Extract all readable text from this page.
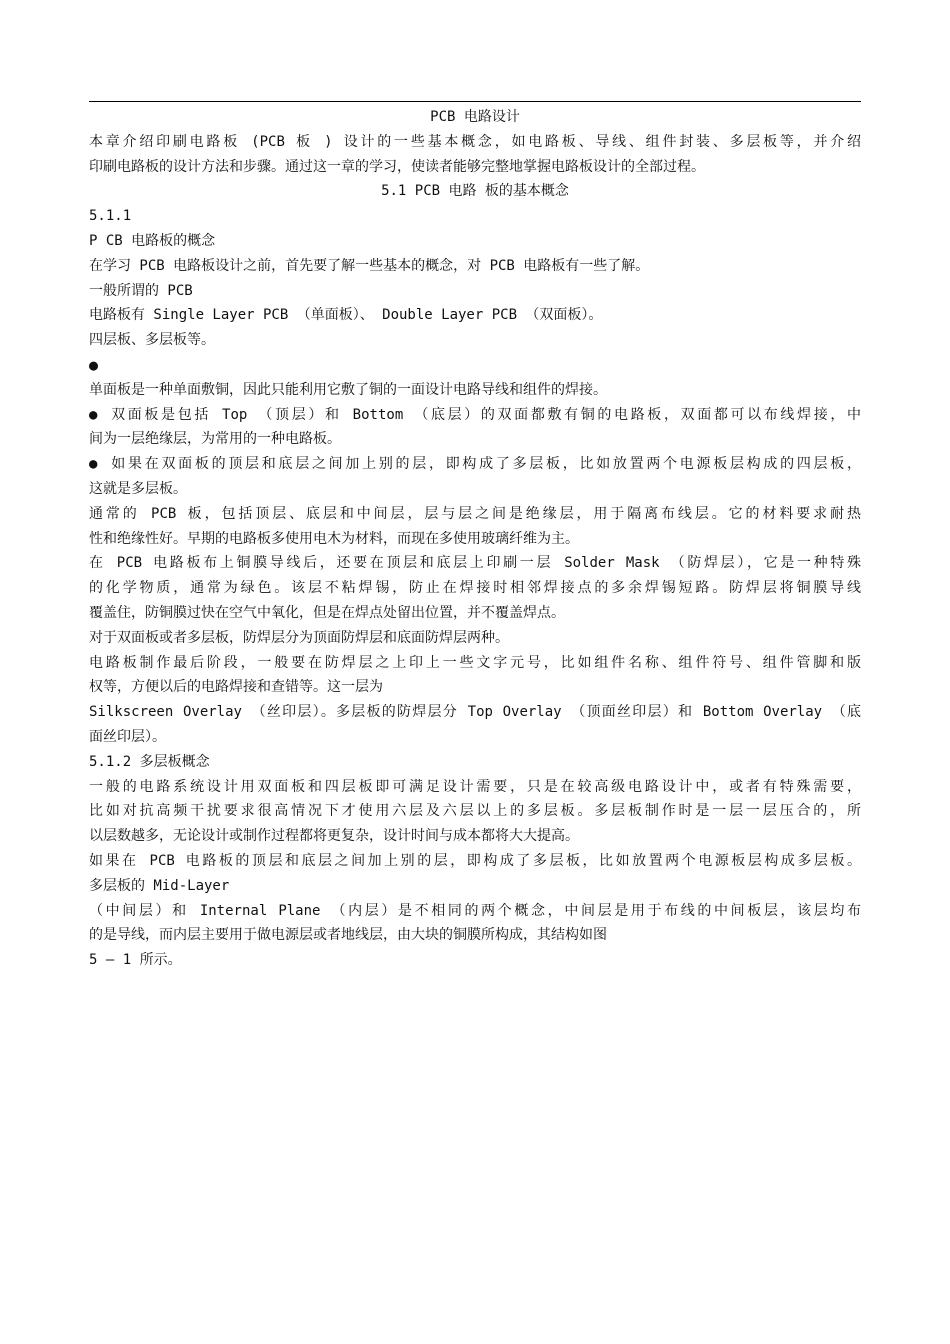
PCB 电路设计
本章介绍印刷电路板 (PCB 板 ) 设计的一些基本概念，如电路板、导线、组件封装、多层板等，并介绍
印刷电路板的设计方法和步骤。通过这一章的学习，使读者能够完整地掌握电路板设计的全部过程。
5.1 PCB 电路 板的基本概念
5.1.1
P CB 电路板的概念
在学习 PCB 电路板设计之前，首先要了解一些基本的概念，对 PCB 电路板有一些了解。
一般所谓的 PCB
电路板有 Single Layer PCB （单面板）、 Double Layer PCB （双面板）。
四层板、多层板等。
●
单面板是一种单面敷铜，因此只能利用它敷了铜的一面设计电路导线和组件的焊接。
● 双面板是包括 Top （顶层）和 Bottom （底层）的双面都敷有铜的电路板，双面都可以布线焊接，中
间为一层绝缘层，为常用的一种电路板。
● 如果在双面板的顶层和底层之间加上别的层，即构成了多层板，比如放置两个电源板层构成的四层板，
这就是多层板。
通常的 PCB 板，包括顶层、底层和中间层，层与层之间是绝缘层，用于隔离布线层。它的材料要求耐热
性和绝缘性好。早期的电路板多使用电木为材料，而现在多使用玻璃纤维为主。
在 PCB 电路板布上铜膜导线后，还要在顶层和底层上印刷一层 Solder Mask （防焊层），它是一种特殊
的化学物质，通常为绿色。该层不粘焊锡，防止在焊接时相邻焊接点的多余焊锡短路。防焊层将铜膜导线
覆盖住，防铜膜过快在空气中氧化，但是在焊点处留出位置，并不覆盖焊点。
对于双面板或者多层板，防焊层分为顶面防焊层和底面防焊层两种。
电路板制作最后阶段，一般要在防焊层之上印上一些文字元号，比如组件名称、组件符号、组件管脚和版
权等，方便以后的电路焊接和查错等。这一层为
Silkscreen Overlay （丝印层）。多层板的防焊层分 Top Overlay （顶面丝印层）和 Bottom Overlay （底
面丝印层）。
5.1.2 多层板概念
一般的电路系统设计用双面板和四层板即可满足设计需要，只是在较高级电路设计中，或者有特殊需要，
比如对抗高频干扰要求很高情况下才使用六层及六层以上的多层板。多层板制作时是一层一层压合的，所
以层数越多，无论设计或制作过程都将更复杂，设计时间与成本都将大大提高。
如果在 PCB 电路板的顶层和底层之间加上别的层，即构成了多层板，比如放置两个电源板层构成多层板。
多层板的 Mid-Layer
（中间层）和 Internal Plane （内层）是不相同的两个概念，中间层是用于布线的中间板层，该层均布
的是导线，而内层主要用于做电源层或者地线层，由大块的铜膜所构成，其结构如图
5 — 1 所示。
